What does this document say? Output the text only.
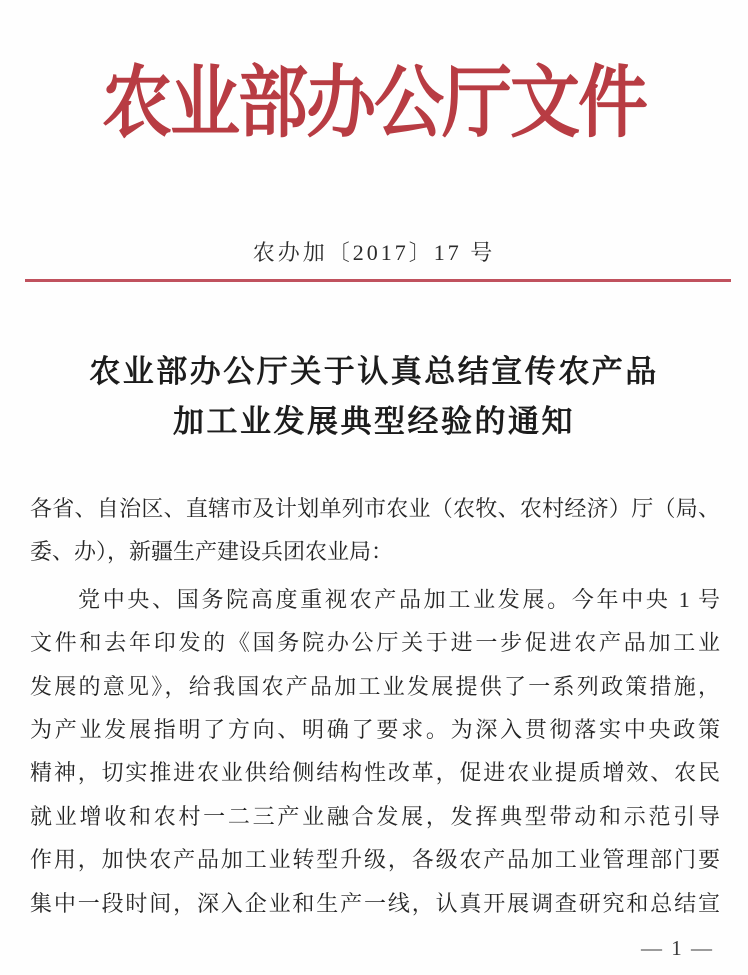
农业部办公厅文件
农办加〔2017〕17 号
农业部办公厅关于认真总结宣传农产品
加工业发展典型经验的通知
各省、自治区、直辖市及计划单列市农业（农牧、农村经济）厅（局、
委、办），新疆生产建设兵团农业局：
党中央、国务院高度重视农产品加工业发展。今年中央 1 号
文件和去年印发的《国务院办公厅关于进一步促进农产品加工业
发展的意见》，给我国农产品加工业发展提供了一系列政策措施，
为产业发展指明了方向、明确了要求。为深入贯彻落实中央政策
精神，切实推进农业供给侧结构性改革，促进农业提质增效、农民
就业增收和农村一二三产业融合发展，发挥典型带动和示范引导
作用，加快农产品加工业转型升级，各级农产品加工业管理部门要
集中一段时间，深入企业和生产一线，认真开展调查研究和总结宣
— 1 —
